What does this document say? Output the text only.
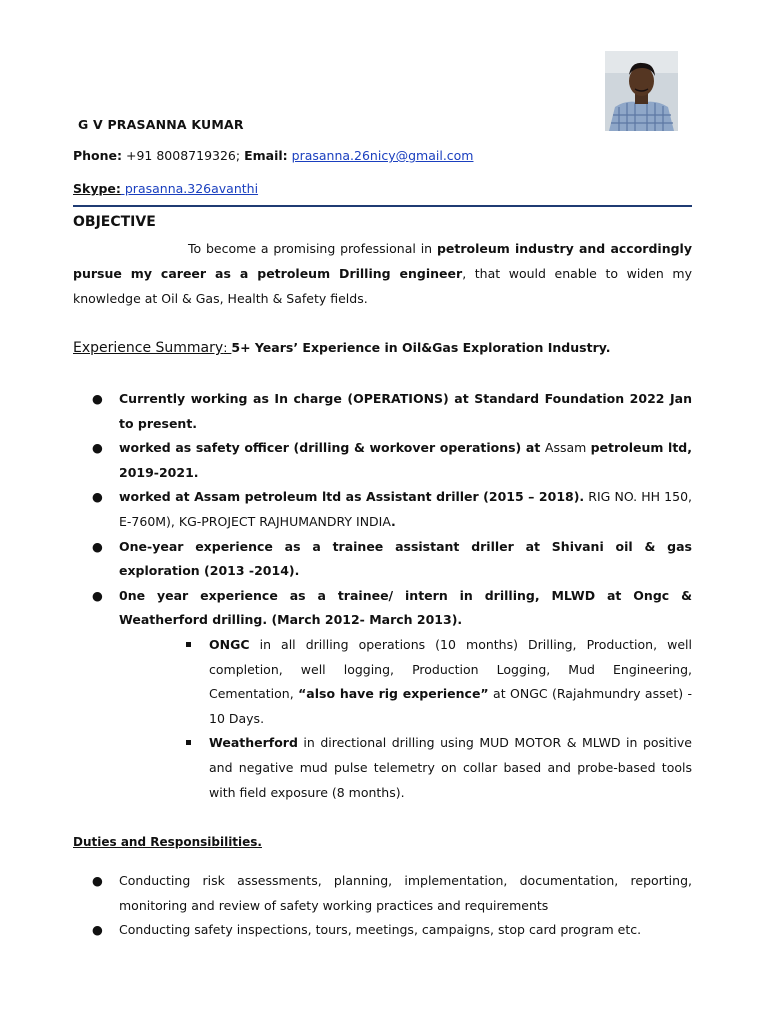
G V PRASANNA KUMAR
Phone: +91 8008719326; Email: prasanna.26nicy@gmail.com
Skype: prasanna.326avanthi
OBJECTIVE
To become a promising professional in petroleum industry and accordingly pursue my career as a petroleum Drilling engineer, that would enable to widen my knowledge at Oil & Gas, Health & Safety fields.
Experience Summary: 5+ Years’ Experience in Oil&Gas Exploration Industry.
● Currently working as In charge (OPERATIONS) at Standard Foundation 2022 Jan to present.
● worked as safety officer (drilling & workover operations) at Assam petroleum ltd, 2019-2021.
● worked at Assam petroleum ltd as Assistant driller (2015 – 2018). RIG NO. HH 150, E-760M), KG-PROJECT RAJHUMANDRY INDIA.
● One-year experience as a trainee assistant driller at Shivani oil & gas exploration (2013 -2014).
● 0ne year experience as a trainee/ intern in drilling, MLWD at Ongc & Weatherford drilling. (March 2012- March 2013).
ONGC in all drilling operations (10 months) Drilling, Production, well completion, well logging, Production Logging, Mud Engineering, Cementation, “also have rig experience” at ONGC (Rajahmundry asset) - 10 Days.
Weatherford in directional drilling using MUD MOTOR & MLWD in positive and negative mud pulse telemetry on collar based and probe-based tools with field exposure (8 months).
Duties and Responsibilities.
● Conducting risk assessments, planning, implementation, documentation, reporting, monitoring and review of safety working practices and requirements
● Conducting safety inspections, tours, meetings, campaigns, stop card program etc.
